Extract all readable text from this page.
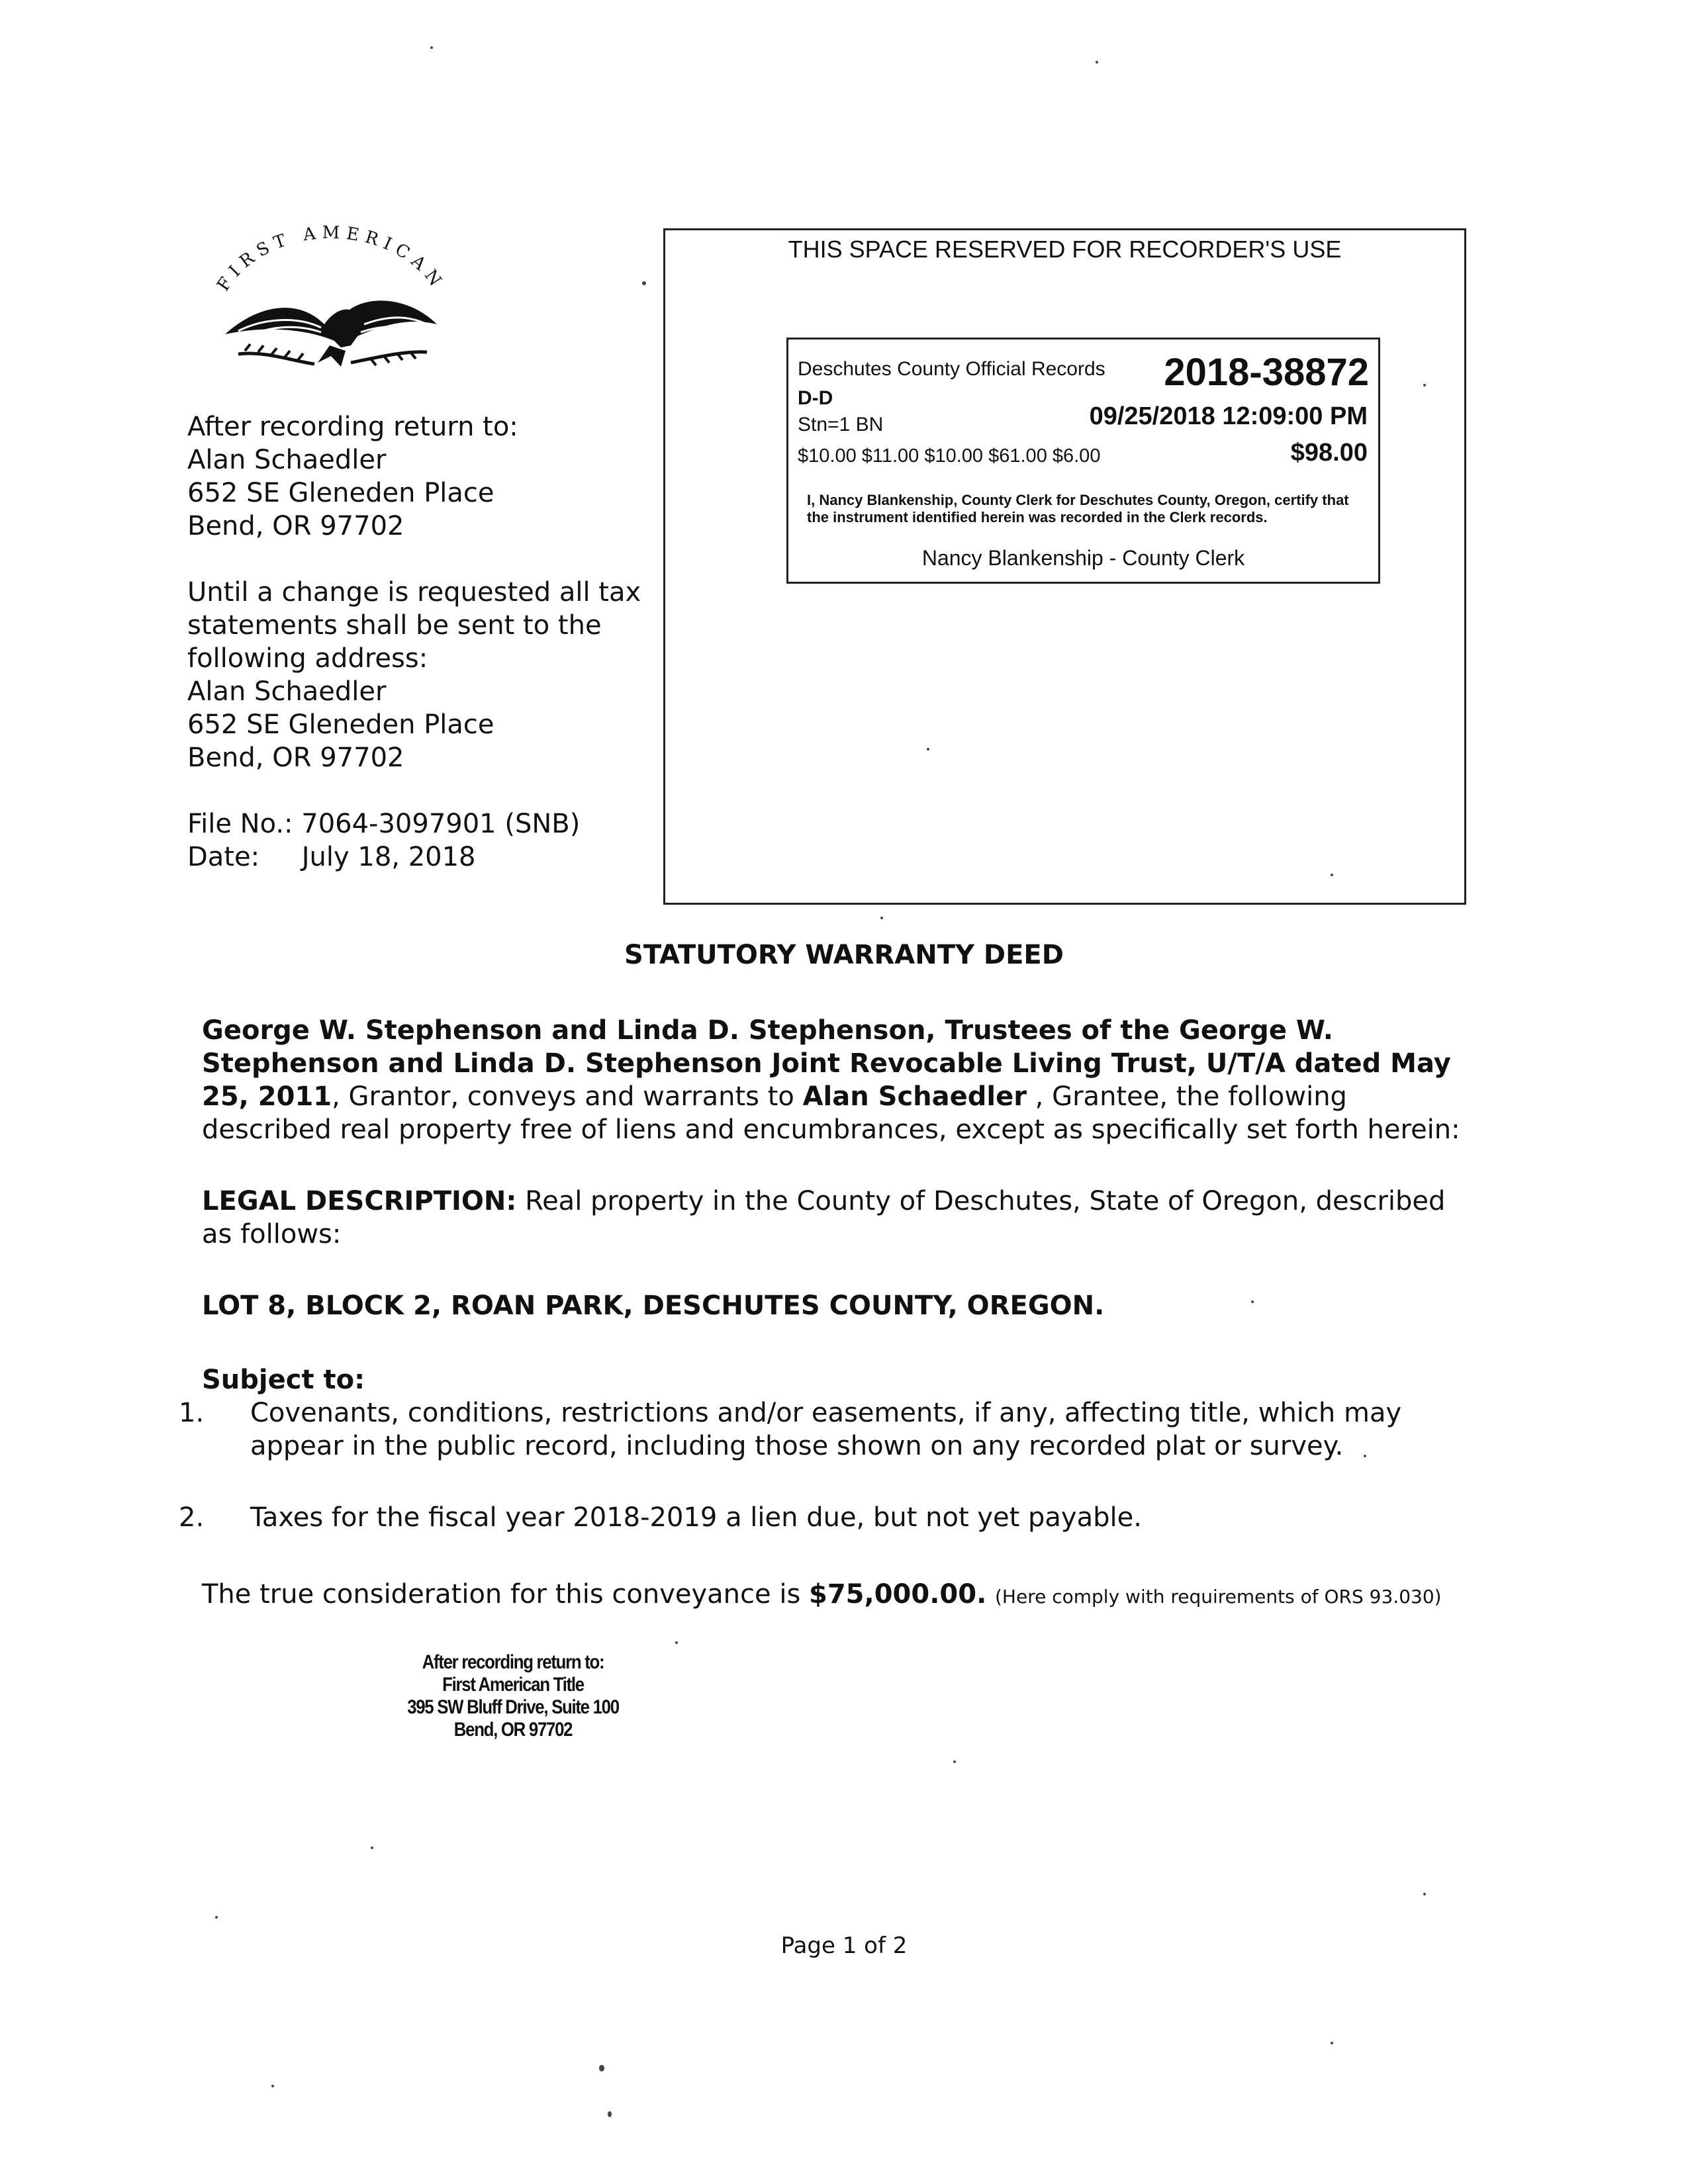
FIRST AMERICAN
After recording return to:
Alan Schaedler
652 SE Gleneden Place
Bend, OR 97702
Until a change is requested all tax
statements shall be sent to the
following address:
Alan Schaedler
652 SE Gleneden Place
Bend, OR 97702
File No.: 7064-3097901 (SNB)
Date: July 18, 2018
THIS SPACE RESERVED FOR RECORDER'S USE
Deschutes County Official Records 2018-38872
D-D
Stn=1 BN	09/25/2018 12:09:00 PM
$10.00 $11.00 $10.00 $61.00 $6.00	$98.00
I, Nancy Blankenship, County Clerk for Deschutes County, Oregon, certify that the instrument identified herein was recorded in the Clerk records.
Nancy Blankenship - County Clerk
STATUTORY WARRANTY DEED
George W. Stephenson and Linda D. Stephenson, Trustees of the George W. Stephenson and Linda D. Stephenson Joint Revocable Living Trust, U/T/A dated May 25, 2011, Grantor, conveys and warrants to Alan Schaedler , Grantee, the following described real property free of liens and encumbrances, except as specifically set forth herein:
LEGAL DESCRIPTION: Real property in the County of Deschutes, State of Oregon, described as follows:
LOT 8, BLOCK 2, ROAN PARK, DESCHUTES COUNTY, OREGON.
Subject to:
1. Covenants, conditions, restrictions and/or easements, if any, affecting title, which may appear in the public record, including those shown on any recorded plat or survey.
2. Taxes for the fiscal year 2018-2019 a lien due, but not yet payable.
The true consideration for this conveyance is $75,000.00. (Here comply with requirements of ORS 93.030)
After recording return to:
First American Title
395 SW Bluff Drive, Suite 100
Bend, OR 97702
Page 1 of 2
